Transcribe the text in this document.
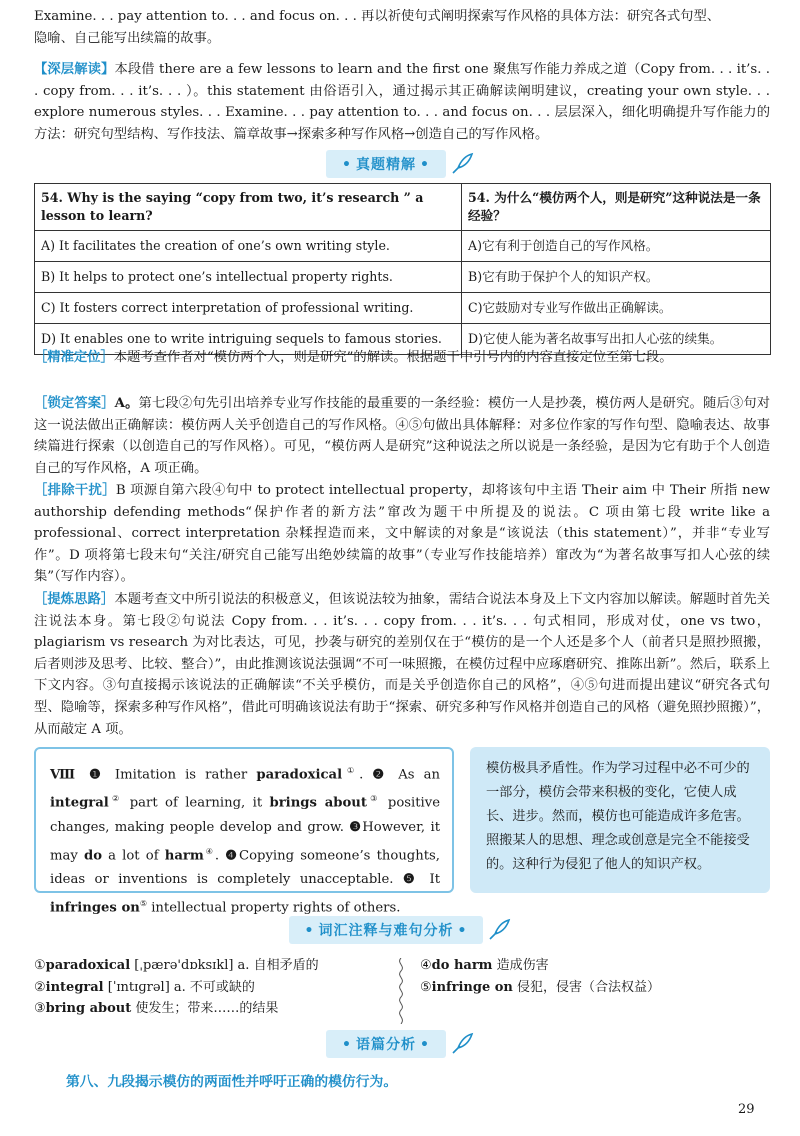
Examine. . . pay attention to. . . and focus on. . . 再以祈使句式阐明探索写作风格的具体方法：研究各式句型、
隐喻、自己能写出续篇的故事。

【深层解读】本段借 there are a few lessons to learn and the first one 聚焦写作能力养成之道（Copy from. . . it’s. . . copy from. . . it’s. . . ）。this statement 由俗语引入，通过揭示其正确解读阐明建议，creating your own style. . . explore numerous styles. . . Examine. . . pay attention to. . . and focus on. . . 层层深入，细化明确提升写作能力的方法：研究句型结构、写作技法、篇章故事→探索多种写作风格→创造自己的写作风格。

• 真题精解 •
54. Why is the saying “copy from two, it’s research ” a lesson to learn?	54. 为什么“模仿两个人，则是研究”这种说法是一条经验？
A) It facilitates the creation of one’s own writing style.	A)它有利于创造自己的写作风格。
B) It helps to protect one’s intellectual property rights.	B)它有助于保护个人的知识产权。
C) It fosters correct interpretation of professional writing.	C)它鼓励对专业写作做出正确解读。
D) It enables one to write intriguing sequels to famous stories.	D)它使人能为著名故事写出扣人心弦的续集。

［精准定位］本题考查作者对“模仿两个人，则是研究”的解读。根据题干中引号内的内容直接定位至第七段。

［锁定答案］A。第七段②句先引出培养专业写作技能的最重要的一条经验：模仿一人是抄袭，模仿两人是研究。随后③句对这一说法做出正确解读：模仿两人关乎创造自己的写作风格。④⑤句做出具体解释：对多位作家的写作句型、隐喻表达、故事续篇进行探索（以创造自己的写作风格）。可见，“模仿两人是研究”这种说法之所以说是一条经验，是因为它有助于个人创造自己的写作风格，A 项正确。

［排除干扰］B 项源自第六段④句中 to protect intellectual property，却将该句中主语 Their aim 中 Their 所指 new authorship defending methods“保护作者的新方法”窜改为题干中所提及的说法。C 项由第七段 write like a professional、correct interpretation 杂糅捏造而来，文中解读的对象是“该说法（this statement）”，并非“专业写作”。D 项将第七段末句“关注/研究自己能写出绝妙续篇的故事”（专业写作技能培养）窜改为“为著名故事写扣人心弦的续集”（写作内容）。

［提炼思路］本题考查文中所引说法的积极意义，但该说法较为抽象，需结合说法本身及上下文内容加以解读。解题时首先关注说法本身。第七段②句说法 Copy from. . . it’s. . . copy from. . . it’s. . . 句式相同，形成对仗，one vs two，plagiarism vs research 为对比表达，可见，抄袭与研究的差别仅在于“模仿的是一个人还是多个人（前者只是照抄照搬，后者则涉及思考、比较、整合）”，由此推测该说法强调“不可一味照搬，在模仿过程中应琢磨研究、推陈出新”。然后，联系上下文内容。③句直接揭示该说法的正确解读“不关乎模仿，而是关乎创造你自己的风格”，④⑤句进而提出建议“研究各式句型、隐喻等，探索多种写作风格”，借此可明确该说法有助于“探索、研究多种写作风格并创造自己的风格（避免照抄照搬）”，从而敲定 A 项。

Ⅷ ❶ Imitation is rather paradoxical①. ❷ As an integral② part of learning, it brings about③ positive changes, making people develop and grow. ❸However, it may do a lot of harm④. ❹Copying someone’s thoughts, ideas or inventions is completely unacceptable. ❺ It infringes on⑤ intellectual property rights of others.
模仿极具矛盾性。作为学习过程中必不可少的一部分，模仿会带来积极的变化，它使人成长、进步。然而，模仿也可能造成许多危害。照搬某人的思想、理念或创意是完全不能接受的。这种行为侵犯了他人的知识产权。
• 词汇注释与难句分析 •
①paradoxical [ˌpærə'dɒksɪkl] a. 自相矛盾的
②integral [ˈɪntɪɡrəl] a. 不可或缺的
③bring about 使发生；带来……的结果
④do harm 造成伤害
⑤infringe on 侵犯，侵害（合法权益）
• 语篇分析 •
第八、九段揭示模仿的两面性并呼吁正确的模仿行为。
29
